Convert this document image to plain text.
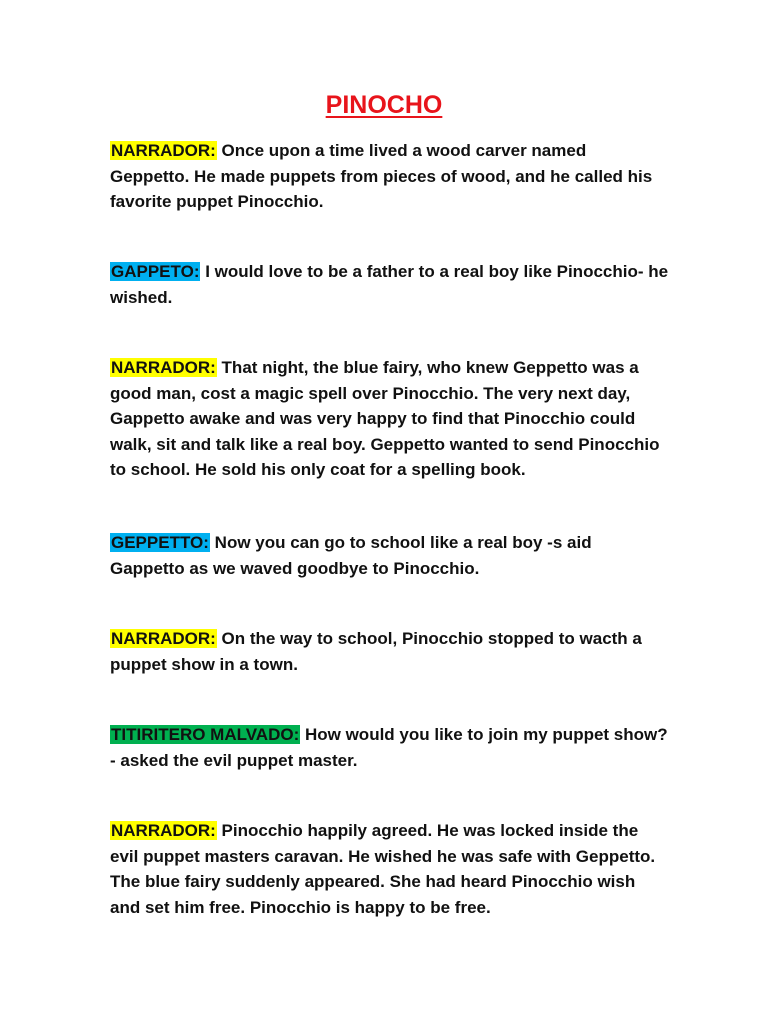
PINOCHO

NARRADOR: Once upon a time lived a wood carver named Geppetto. He made puppets from pieces of wood, and he called his favorite puppet Pinocchio.

GAPPETO: I would love to be a father to a real boy like Pinocchio- he wished.

NARRADOR: That night, the blue fairy, who knew Geppetto was a good man, cost a magic spell over Pinocchio. The very next day, Gappetto awake and was very happy to find that Pinocchio could walk, sit and talk like a real boy. Geppetto wanted to send Pinocchio to school. He sold his only coat for a spelling book.

GEPPETTO: Now you can go to school like a real boy -s aid Gappetto as we waved goodbye to Pinocchio.

NARRADOR: On the way to school, Pinocchio stopped to wacth a puppet show in a town.

TITIRITERO MALVADO: How would you like to join my puppet show? - asked the evil puppet master.

NARRADOR: Pinocchio happily agreed. He was locked inside the evil puppet masters caravan. He wished he was safe with Geppetto. The blue fairy suddenly appeared. She had heard Pinocchio wish and set him free. Pinocchio is happy to be free.
